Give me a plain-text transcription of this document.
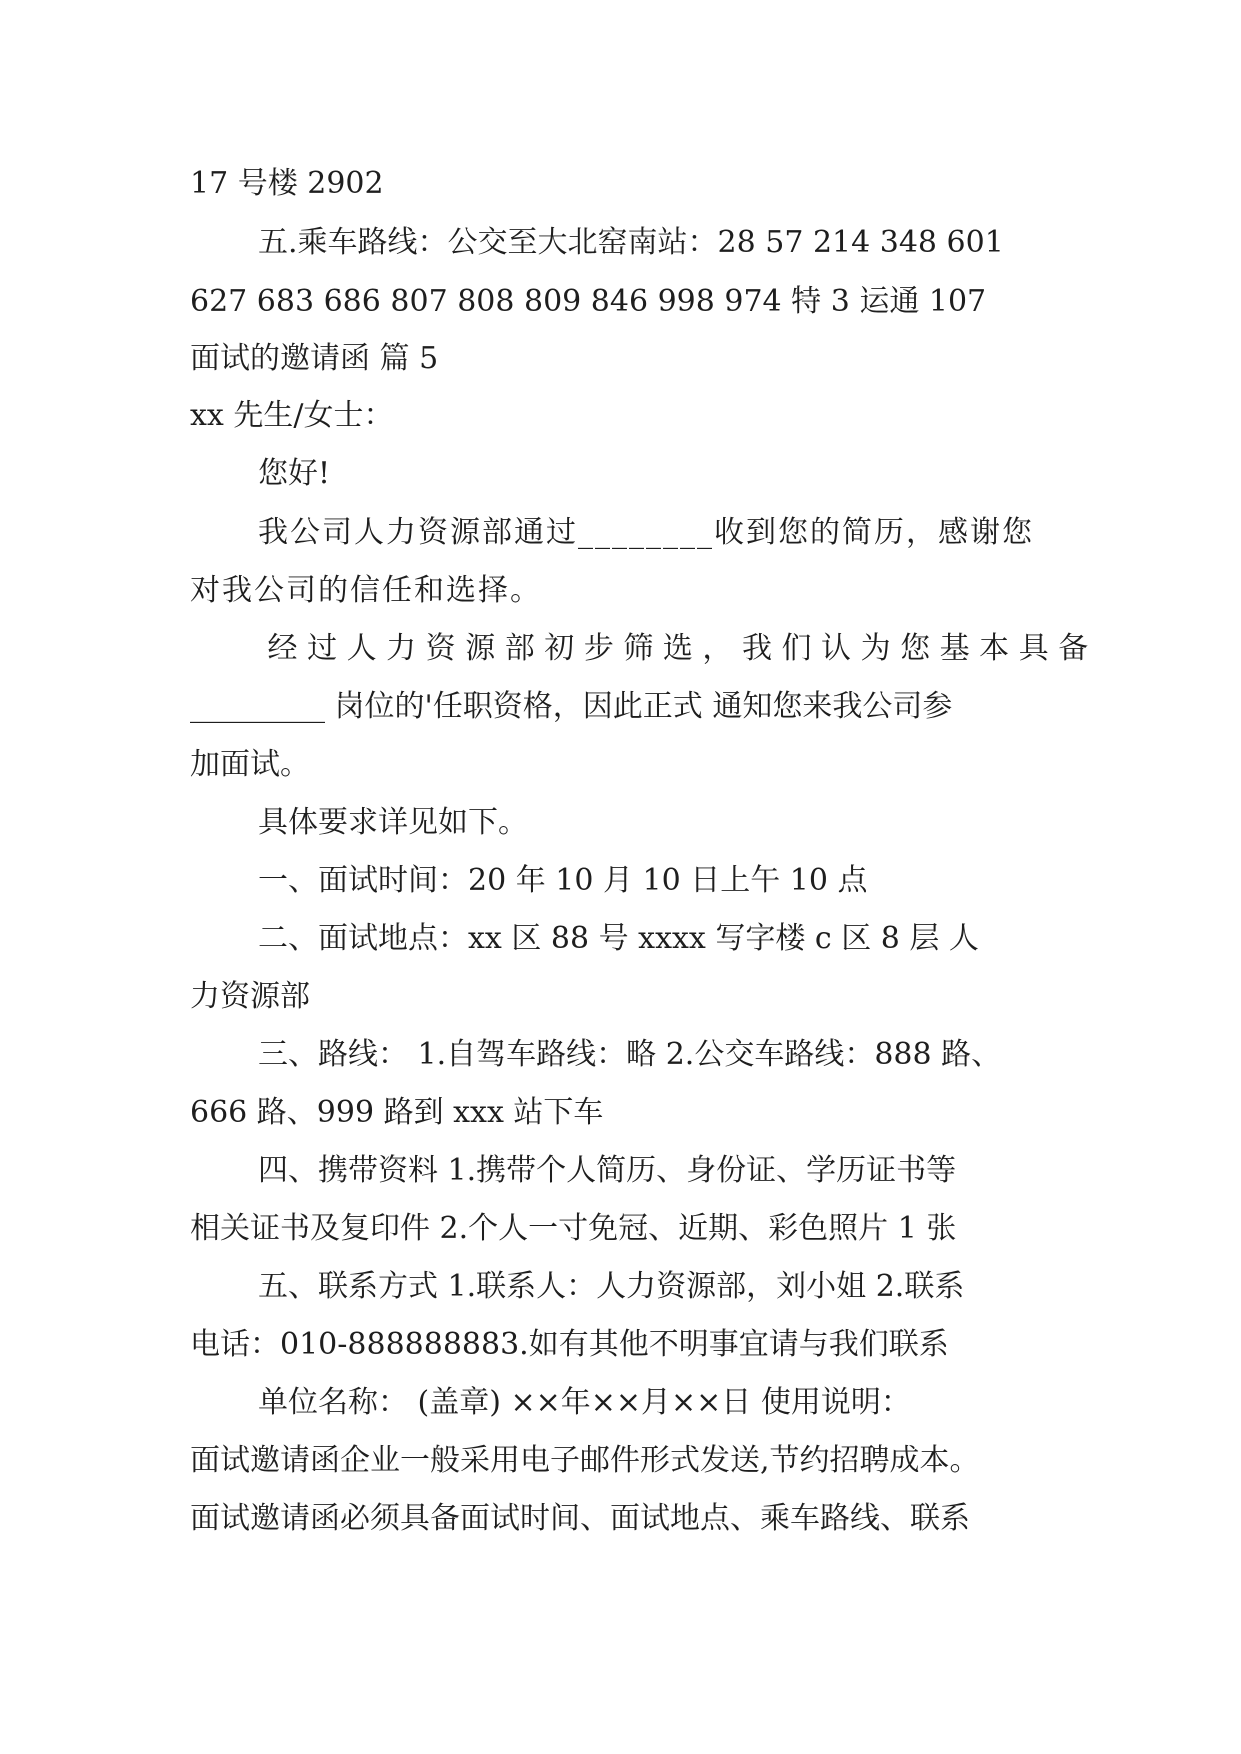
17 号楼 2902

五.乘车路线：公交至大北窑南站：28 57 214 348 601

627 683 686 807 808 809 846 998 974 特 3 运通 107

面试的邀请函 篇 5

xx 先生/女士：

您好!

我公司人力资源部通过________收到您的简历，感谢您

对我公司的信任和选择。

经 过 人 力 资 源 部 初 步 筛 选 ， 我 们 认 为 您 基 本 具 备

_________ 岗位的'任职资格，因此正式 通知您来我公司参

加面试。

具体要求详见如下。

一、面试时间：20 年 10 月 10 日上午 10 点

二、面试地点：xx 区 88 号 xxxx 写字楼 c 区 8 层 人

力资源部

三、路线： 1.自驾车路线：略 2.公交车路线：888 路、

666 路、999 路到 xxx 站下车

四、携带资料 1.携带个人简历、身份证、学历证书等

相关证书及复印件 2.个人一寸免冠、近期、彩色照片 1 张

五、联系方式 1.联系人：人力资源部，刘小姐 2.联系

电话：010-888888883.如有其他不明事宜请与我们联系

单位名称： (盖章) ××年××月××日 使用说明：

面试邀请函企业一般采用电子邮件形式发送,节约招聘成本。

面试邀请函必须具备面试时间、面试地点、乘车路线、联系
